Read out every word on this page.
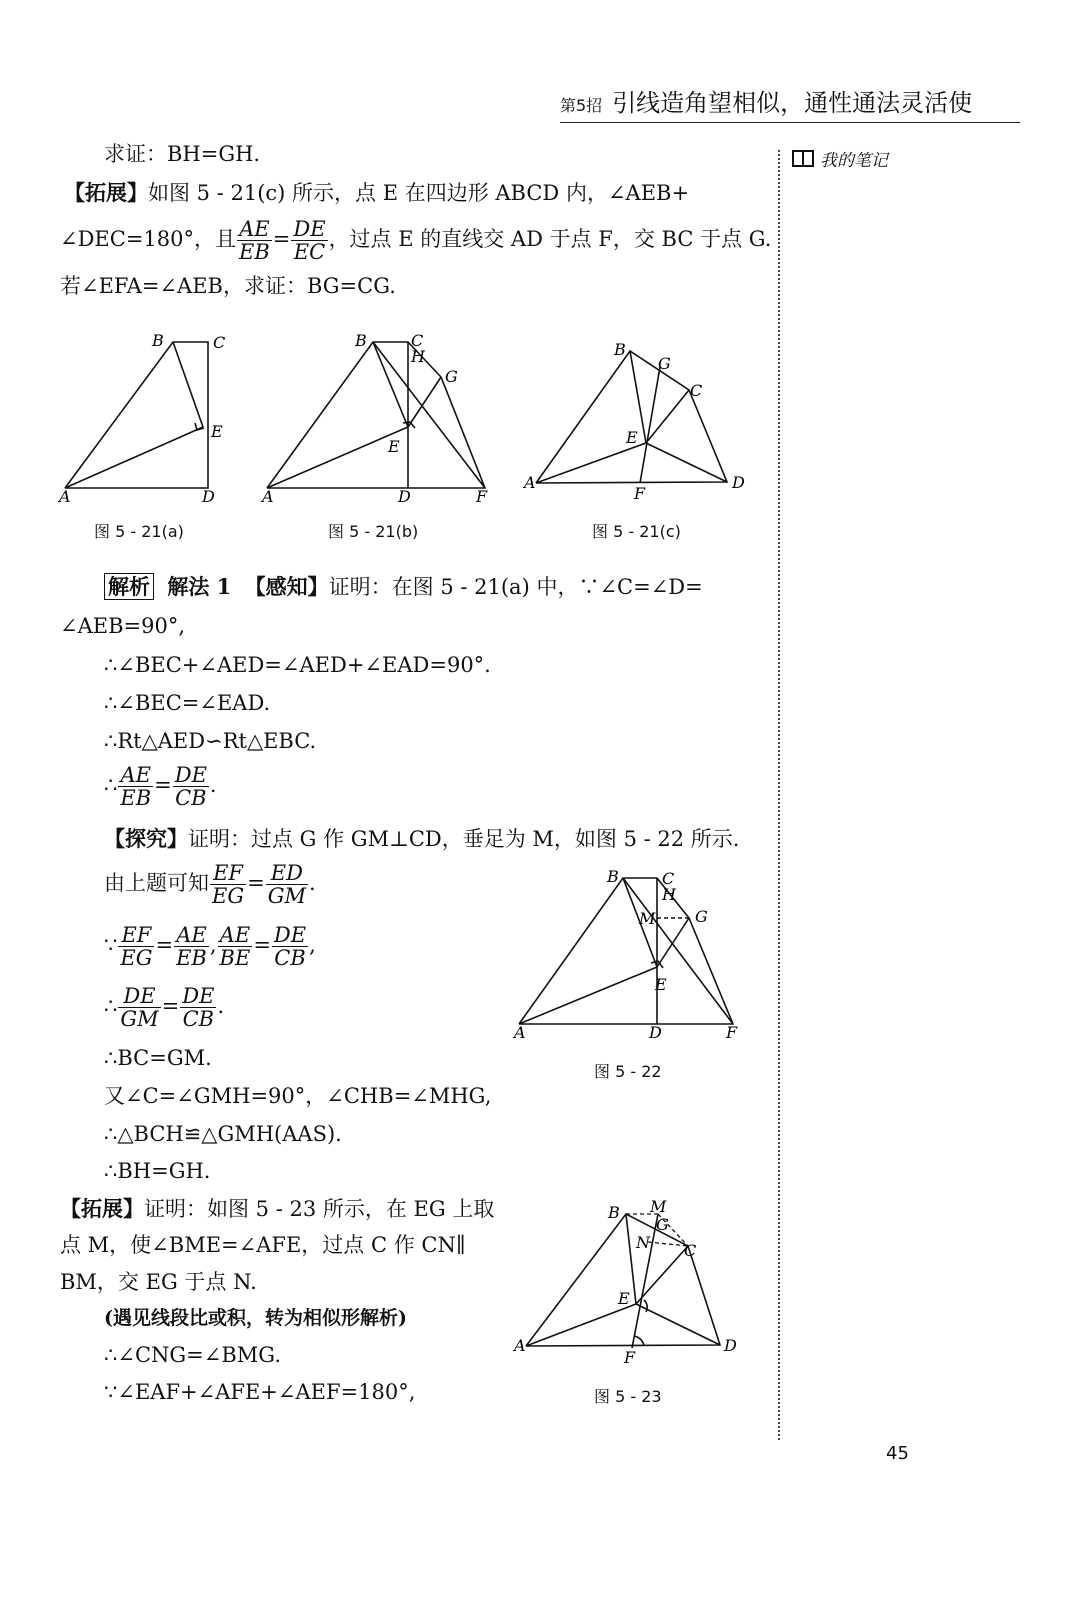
第5招 引线造角望相似，通性通法灵活使
我的笔记
求证：BH=GH.
【拓展】如图 5 - 21(c) 所示，点 E 在四边形 ABCD 内，∠AEB+
∠DEC=180°，且 $\frac{AE}{EB} = \frac{DE}{EC}$ ，过点 E 的直线交 AD 于点 F，交 BC 于点 G.
若∠EFA=∠AEB，求证：BG=CG.
B	C
E
A	D
图 5 - 21(a)
B	C
H
G
E
A	D	F
图 5 - 21(b)
B
G
C
E
A	D
F
图 5 - 21(c)
解析 解法 1 【感知】证明：在图 5 - 21(a) 中，∵∠C=∠D=
∠AEB=90°,
∴∠BEC+∠AED=∠AED+∠EAD=90°.
∴∠BEC=∠EAD.
∴Rt△AED∽Rt△EBC.
∴ $\frac{AE}{EB} = \frac{DE}{CB}$ .
【探究】证明：过点 G 作 GM⊥CD，垂足为 M，如图 5 - 22 所示.
由上题可知 $\frac{EF}{EG} = \frac{ED}{GM}$ .
∵ $\frac{EF}{EG} = \frac{AE}{EB}$ , $\frac{AE}{BE} = \frac{DE}{CB}$ ,
∴ $\frac{DE}{GM} = \frac{DE}{CB}$ .
∴BC=GM.
又∠C=∠GMH=90°，∠CHB=∠MHG,
∴△BCH≌△GMH(AAS).
∴BH=GH.
B	C
H
M G
E
A	D	F
图 5 - 22
【拓展】证明：如图 5 - 23 所示，在 EG 上取
点 M，使∠BME=∠AFE，过点 C 作 CN∥
BM，交 EG 于点 N.
(遇见线段比或积，转为相似形解析)
∴∠CNG=∠BMG.
∵∠EAF+∠AFE+∠AEF=180°,
B M
G
N C
E
A	D
F
图 5 - 23
45
